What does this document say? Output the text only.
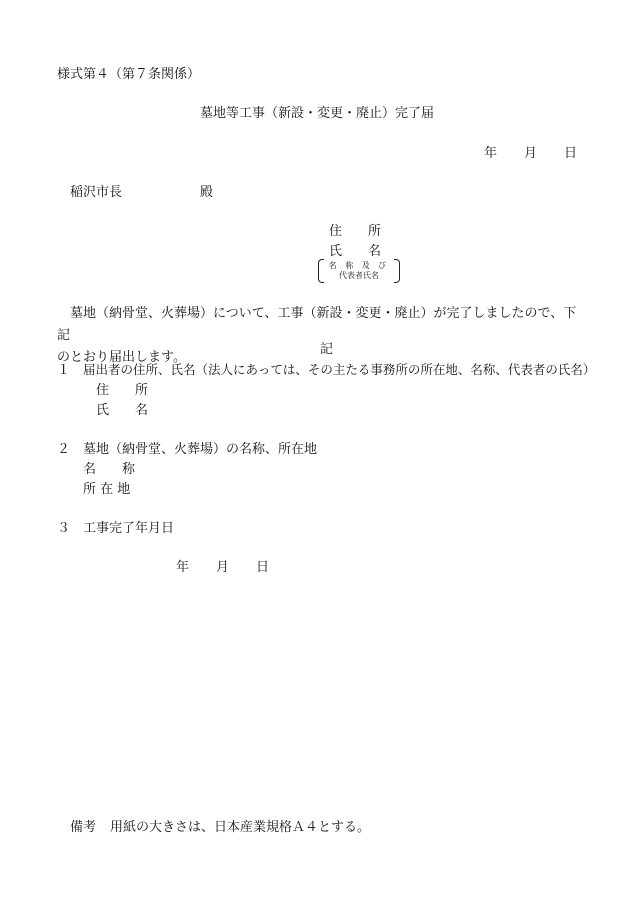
様式第４（第７条関係）
墓地等工事（新設・変更・廃止）完了届
年 月 日
稲沢市長	殿
住 所
氏 名
名 称 及 び
代表者氏名
墓地（納骨堂、火葬場）について、工事（新設・変更・廃止）が完了しましたので、下記
のとおり届出します。
記
１ 届出者の住所、氏名（法人にあっては、その主たる事務所の所在地、名称、代表者の氏名）
住 所
氏 名
２ 墓地（納骨堂、火葬場）の名称、所在地
名 称
所 在 地
３ 工事完了年月日
年 月 日
備考 用紙の大きさは、日本産業規格Ａ４とする。
